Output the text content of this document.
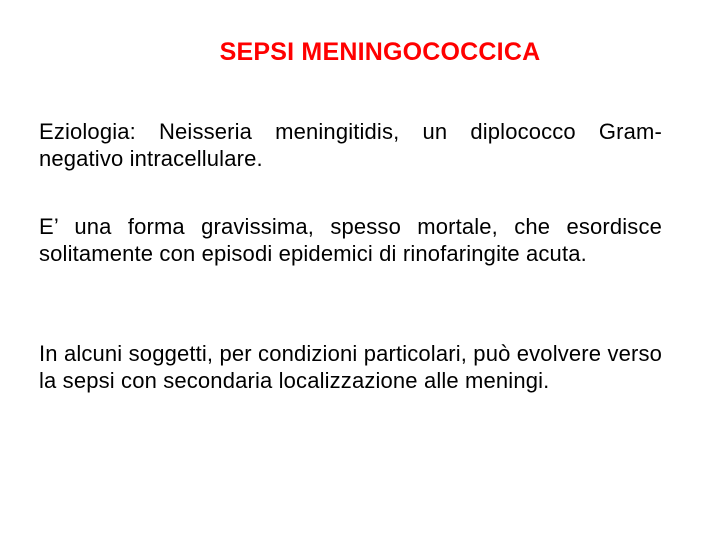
SEPSI MENINGOCOCCICA
Eziologia: Neisseria meningitidis, un diplococco Gram-negativo intracellulare.
E’ una forma gravissima, spesso mortale, che esordisce solitamente con episodi epidemici di rinofaringite acuta.
In alcuni soggetti, per condizioni particolari, può evolvere verso la sepsi con secondaria localizzazione alle meningi.
